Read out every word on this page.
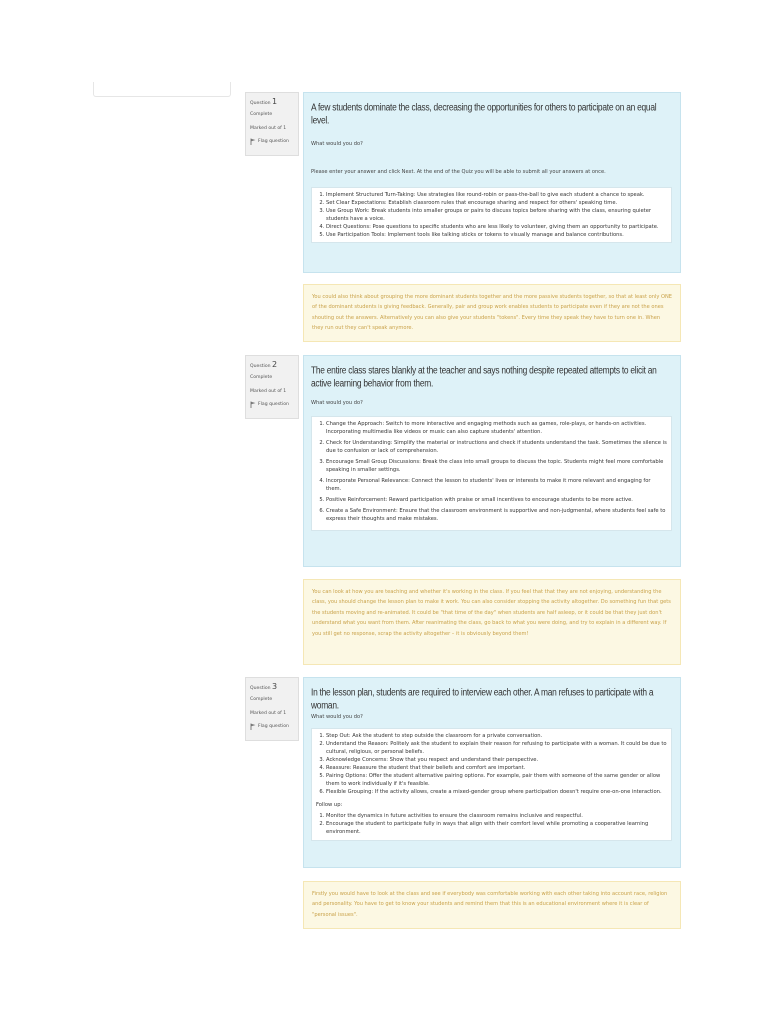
Question 1
Complete
Marked out of 1
Flag question
A few students dominate the class, decreasing the opportunities for others to participate on an equal level.
What would you do?
Please enter your answer and click Next. At the end of the Quiz you will be able to submit all your answers at once.
1. Implement Structured Turn-Taking: Use strategies like round-robin or pass-the-ball to give each student a chance to speak.
2. Set Clear Expectations: Establish classroom rules that encourage sharing and respect for others' speaking time.
3. Use Group Work: Break students into smaller groups or pairs to discuss topics before sharing with the class, ensuring quieter students have a voice.
4. Direct Questions: Pose questions to specific students who are less likely to volunteer, giving them an opportunity to participate.
5. Use Participation Tools: Implement tools like talking sticks or tokens to visually manage and balance contributions.
You could also think about grouping the more dominant students together and the more passive students together, so that at least only ONE of the dominant students is giving feedback. Generally, pair and group work enables students to participate even if they are not the ones shouting out the answers. Alternatively you can also give your students "tokens". Every time they speak they have to turn one in. When they run out they can't speak anymore.
Question 2
Complete
Marked out of 1
Flag question
The entire class stares blankly at the teacher and says nothing despite repeated attempts to elicit an active learning behavior from them.
What would you do?
1. Change the Approach: Switch to more interactive and engaging methods such as games, role-plays, or hands-on activities. Incorporating multimedia like videos or music can also capture students' attention.
2. Check for Understanding: Simplify the material or instructions and check if students understand the task. Sometimes the silence is due to confusion or lack of comprehension.
3. Encourage Small Group Discussions: Break the class into small groups to discuss the topic. Students might feel more comfortable speaking in smaller settings.
4. Incorporate Personal Relevance: Connect the lesson to students' lives or interests to make it more relevant and engaging for them.
5. Positive Reinforcement: Reward participation with praise or small incentives to encourage students to be more active.
6. Create a Safe Environment: Ensure that the classroom environment is supportive and non-judgmental, where students feel safe to express their thoughts and make mistakes.
You can look at how you are teaching and whether it's working in the class. If you feel that that they are not enjoying, understanding the class, you should change the lesson plan to make it work. You can also consider stopping the activity altogether. Do something fun that gets the students moving and re-animated. It could be "that time of the day" when students are half asleep, or it could be that they just don't understand what you want from them. After reanimating the class, go back to what you were doing, and try to explain in a different way. If you still get no response, scrap the activity altogether – it is obviously beyond them!
Question 3
Complete
Marked out of 1
Flag question
In the lesson plan, students are required to interview each other. A man refuses to participate with a woman.
What would you do?
1. Step Out: Ask the student to step outside the classroom for a private conversation.
2. Understand the Reason: Politely ask the student to explain their reason for refusing to participate with a woman. It could be due to cultural, religious, or personal beliefs.
3. Acknowledge Concerns: Show that you respect and understand their perspective.
4. Reassure: Reassure the student that their beliefs and comfort are important.
5. Pairing Options: Offer the student alternative pairing options. For example, pair them with someone of the same gender or allow them to work individually if it's feasible.
6. Flexible Grouping: If the activity allows, create a mixed-gender group where participation doesn't require one-on-one interaction.
Follow up:
1. Monitor the dynamics in future activities to ensure the classroom remains inclusive and respectful.
2. Encourage the student to participate fully in ways that align with their comfort level while promoting a cooperative learning environment.
Firstly you would have to look at the class and see if everybody was comfortable working with each other taking into account race, religion and personality. You have to get to know your students and remind them that this is an educational environment where it is clear of "personal issues".
